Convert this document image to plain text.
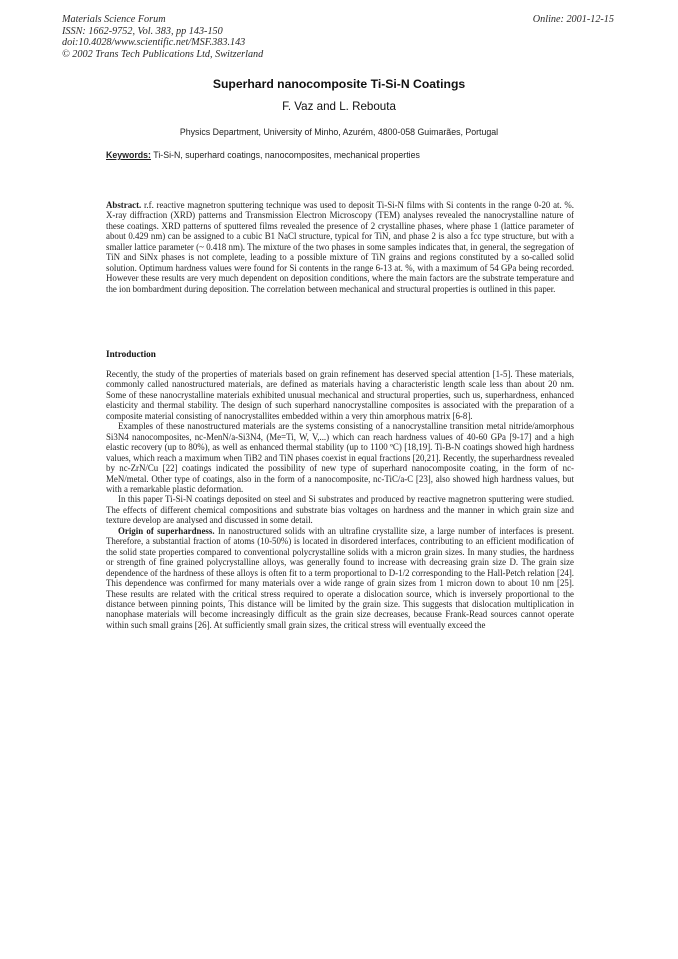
Materials Science Forum
ISSN: 1662-9752, Vol. 383, pp 143-150
doi:10.4028/www.scientific.net/MSF.383.143
© 2002 Trans Tech Publications Ltd, Switzerland
Online: 2001-12-15
Superhard nanocomposite Ti-Si-N Coatings
F. Vaz and L. Rebouta
Physics Department, University of Minho, Azurém, 4800-058 Guimarães, Portugal
Keywords: Ti-Si-N, superhard coatings, nanocomposites, mechanical properties

Abstract. r.f. reactive magnetron sputtering technique was used to deposit Ti-Si-N films with Si contents in the range 0-20 at. %. X-ray diffraction (XRD) patterns and Transmission Electron Microscopy (TEM) analyses revealed the nanocrystalline nature of these coatings. XRD patterns of sputtered films revealed the presence of 2 crystalline phases, where phase 1 (lattice parameter of about 0.429 nm) can be assigned to a cubic B1 NaCl structure, typical for TiN, and phase 2 is also a fcc type structure, but with a smaller lattice parameter (~ 0.418 nm). The mixture of the two phases in some samples indicates that, in general, the segregation of TiN and SiNx phases is not complete, leading to a possible mixture of TiN grains and regions constituted by a so-called solid solution. Optimum hardness values were found for Si contents in the range 6-13 at. %, with a maximum of 54 GPa being recorded. However these results are very much dependent on deposition conditions, where the main factors are the substrate temperature and the ion bombardment during deposition. The correlation between mechanical and structural properties is outlined in this paper.

Introduction

Recently, the study of the properties of materials based on grain refinement has deserved special attention [1-5]. These materials, commonly called nanostructured materials, are defined as materials having a characteristic length scale less than about 20 nm. Some of these nanocrystalline materials exhibited unusual mechanical and structural properties, such us, superhardness, enhanced elasticity and thermal stability. The design of such superhard nanocrystalline composites is associated with the preparation of a composite material consisting of nanocrystallites embedded within a very thin amorphous matrix [6-8].

Examples of these nanostructured materials are the systems consisting of a nanocrystalline transition metal nitride/amorphous Si3N4 nanocomposites, nc-MenN/a-Si3N4, (Me=Ti, W, V,...) which can reach hardness values of 40-60 GPa [9-17] and a high elastic recovery (up to 80%), as well as enhanced thermal stability (up to 1100 ºC) [18,19]. Ti-B-N coatings showed high hardness values, which reach a maximum when TiB2 and TiN phases coexist in equal fractions [20,21]. Recently, the superhardness revealed by nc-ZrN/Cu [22] coatings indicated the possibility of new type of superhard nanocomposite coating, in the form of nc-MeN/metal. Other type of coatings, also in the form of a nanocomposite, nc-TiC/a-C [23], also showed high hardness values, but with a remarkable plastic deformation.

In this paper Ti-Si-N coatings deposited on steel and Si substrates and produced by reactive magnetron sputtering were studied. The effects of different chemical compositions and substrate bias voltages on hardness and the manner in which grain size and texture develop are analysed and discussed in some detail.

Origin of superhardness. In nanostructured solids with an ultrafine crystallite size, a large number of interfaces is present. Therefore, a substantial fraction of atoms (10-50%) is located in disordered interfaces, contributing to an efficient modification of the solid state properties compared to conventional polycrystalline solids with a micron grain sizes. In many studies, the hardness or strength of fine grained polycrystalline alloys, was generally found to increase with decreasing grain size D. The grain size dependence of the hardness of these alloys is often fit to a term proportional to D-1/2 corresponding to the Hall-Petch relation [24]. This dependence was confirmed for many materials over a wide range of grain sizes from 1 micron down to about 10 nm [25]. These results are related with the critical stress required to operate a dislocation source, which is inversely proportional to the distance between pinning points, This distance will be limited by the grain size. This suggests that dislocation multiplication in nanophase materials will become increasingly difficult as the grain size decreases, because Frank-Read sources cannot operate within such small grains [26]. At sufficiently small grain sizes, the critical stress will eventually exceed the
